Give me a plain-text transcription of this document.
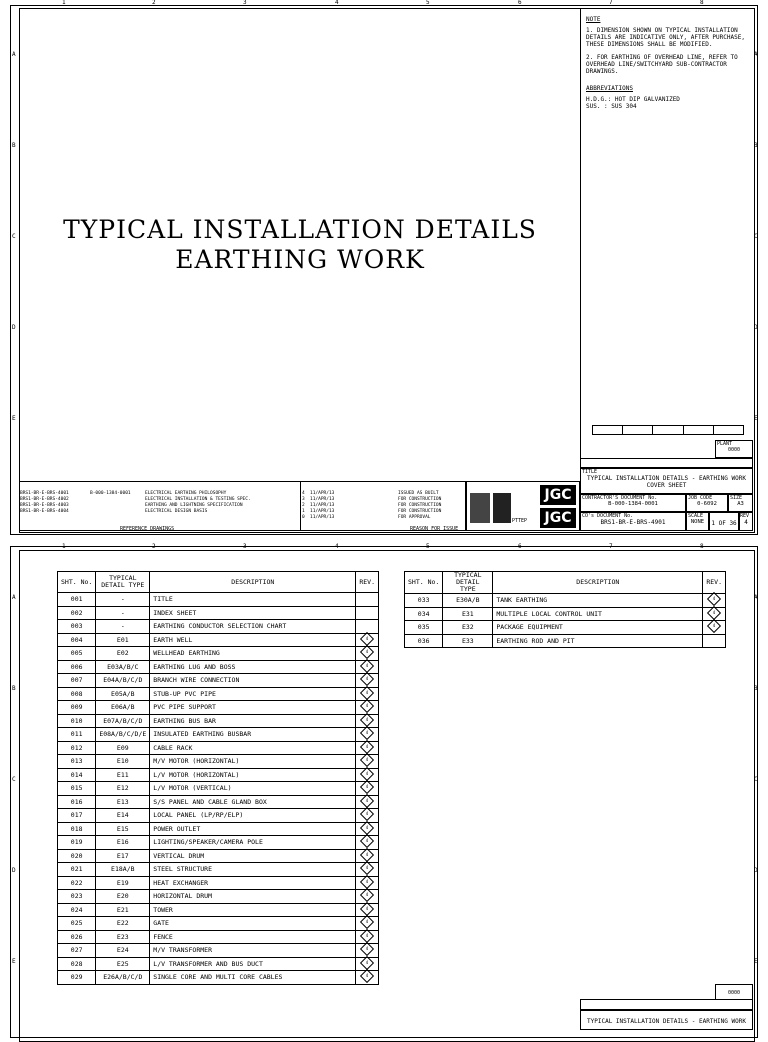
1	2	3	4	5	6	7	8
A	A
B	B
C	C
D	D
E	E
TYPICAL INSTALLATION DETAILS
EARTHING WORK
NOTE
1. DIMENSION SHOWN ON TYPICAL INSTALLATION DETAILS ARE INDICATIVE ONLY, AFTER PURCHASE, THESE DIMENSIONS SHALL BE MODIFIED.
2. FOR EARTHING OF OVERHEAD LINE, REFER TO OVERHEAD LINE/SWITCHYARD SUB-CONTRACTOR DRAWINGS.
ABBREVIATIONS
H.D.G.: HOT DIP GALVANIZED
SUS. : SUS 304
PLANT
0000
TITLE
TYPICAL INSTALLATION DETAILS - EARTHING WORK
COVER SHEET
CONTRACTOR'S DOCUMENT No.
B-000-1384-0001
JOB CODE
0-6092
SIZE
A3
CO's DOCUMENT No.
BRS1-BR-E-BRS-4901
SCALE
NONE	1 OF 36
REV
4
PTTEP
JGC
JGC
BRS1-BR-E-BRS-4001	B-000-1384-0001	ELECTRICAL EARTHING PHILOSOPHY
BRS1-BR-E-BRS-4002	ELECTRICAL INSTALLATION & TESTING SPEC.
BRS1-BR-E-BRS-4003	EARTHING AND LIGHTNING SPECIFICATION
BRS1-BR-E-BRS-4004	ELECTRICAL DESIGN BASIS
4 11/APR/13	ISSUED AS BUILT
3 11/APR/13	FOR CONSTRUCTION
2 11/APR/13	FOR CONSTRUCTION
1 11/APR/13	FOR CONSTRUCTION
0 11/APR/13	FOR APPROVAL
REFERENCE DRAWINGS	REASON FOR ISSUE
1	2	3	4	5	6	7	8
A	A
B	B
C	C
D	D
E	E
SHT. No.	TYPICAL DETAIL TYPE	DESCRIPTION	REV.
001	-	TITLE	
002	-	INDEX SHEET	
003	-	EARTHING CONDUCTOR SELECTION CHART	
004	E01	EARTH WELL	4

005	E02	WELLHEAD EARTHING	4

006	E03A/B/C	EARTHING LUG AND BOSS	4

007	E04A/B/C/D	BRANCH WIRE CONNECTION	4

008	E05A/B	STUB-UP PVC PIPE	4

009	E06A/B	PVC PIPE SUPPORT	4

010	E07A/B/C/D	EARTHING BUS BAR	4

011	E08A/B/C/D/E	INSULATED EARTHING BUSBAR	4

012	E09	CABLE RACK	4

013	E10	M/V MOTOR (HORIZONTAL)	4

014	E11	L/V MOTOR (HORIZONTAL)	4

015	E12	L/V MOTOR (VERTICAL)	4

016	E13	S/S PANEL AND CABLE GLAND BOX	4

017	E14	LOCAL PANEL (LP/RP/ELP)	4

018	E15	POWER OUTLET	4

019	E16	LIGHTING/SPEAKER/CAMERA POLE	4

020	E17	VERTICAL DRUM	4

021	E18A/B	STEEL STRUCTURE	4

022	E19	HEAT EXCHANGER	4

023	E20	HORIZONTAL DRUM	4

024	E21	TOWER	4

025	E22	GATE	4

026	E23	FENCE	4

027	E24	M/V TRANSFORMER	4

028	E25	L/V TRANSFORMER AND BUS DUCT	4

029	E26A/B/C/D	SINGLE CORE AND MULTI CORE CABLES	4
SHT. No.	TYPICAL DETAIL TYPE	DESCRIPTION	REV.
033	E30A/B	TANK EARTHING	4

034	E31	MULTIPLE LOCAL CONTROL UNIT	4

035	E32	PACKAGE EQUIPMENT	4

036	E33	EARTHING ROD AND PIT	
0000
TYPICAL INSTALLATION DETAILS - EARTHING WORK
